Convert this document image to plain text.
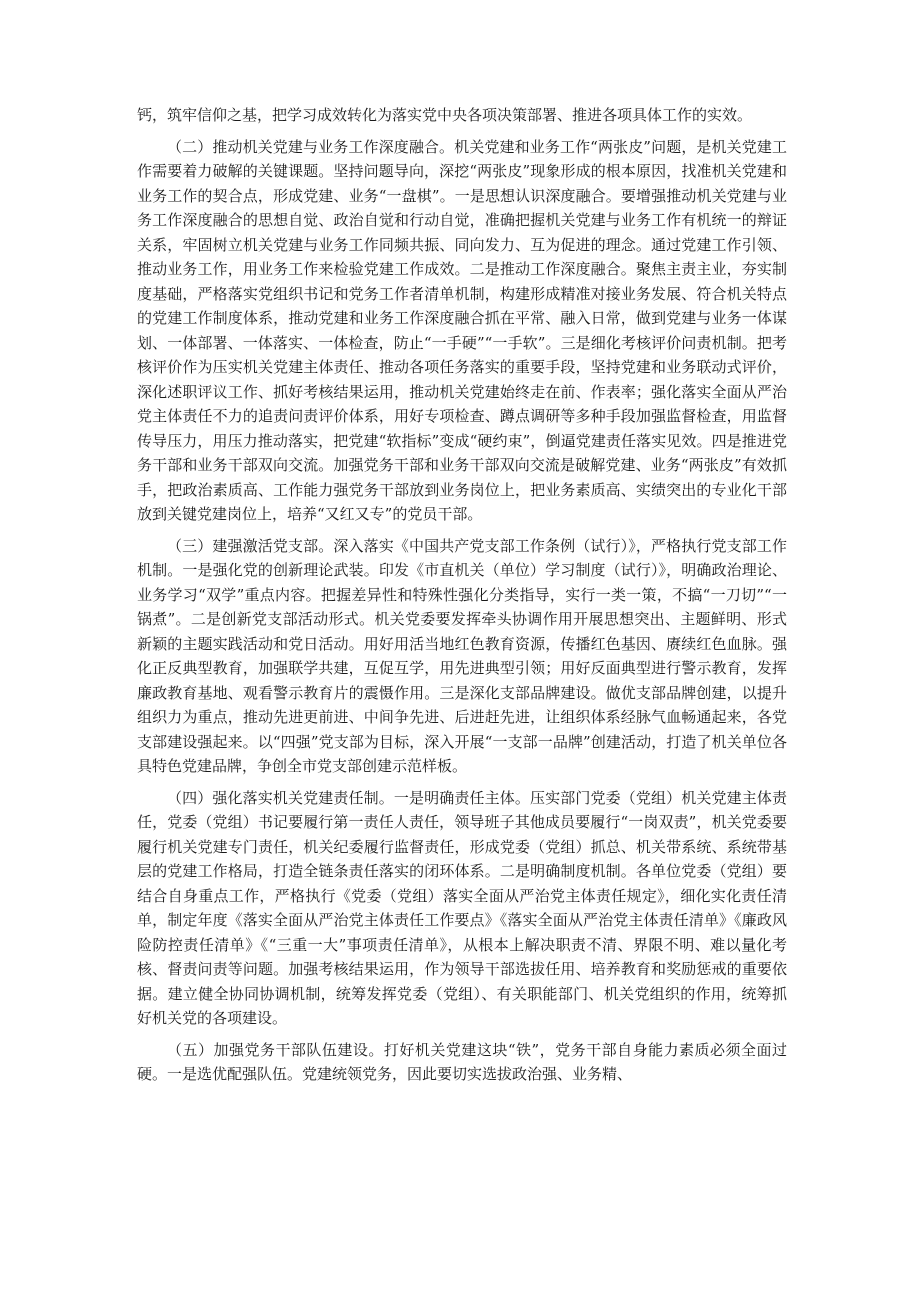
钙，筑牢信仰之基，把学习成效转化为落实党中央各项决策部署、推进各项具体工作的实效。

（二）推动机关党建与业务工作深度融合。机关党建和业务工作“两张皮”问题，是机关党建工作需要着力破解的关键课题。坚持问题导向，深挖“两张皮”现象形成的根本原因，找准机关党建和业务工作的契合点，形成党建、业务“一盘棋”。一是思想认识深度融合。要增强推动机关党建与业务工作深度融合的思想自觉、政治自觉和行动自觉，准确把握机关党建与业务工作有机统一的辩证关系，牢固树立机关党建与业务工作同频共振、同向发力、互为促进的理念。通过党建工作引领、推动业务工作，用业务工作来检验党建工作成效。二是推动工作深度融合。聚焦主责主业，夯实制度基础，严格落实党组织书记和党务工作者清单机制，构建形成精准对接业务发展、符合机关特点的党建工作制度体系，推动党建和业务工作深度融合抓在平常、融入日常，做到党建与业务一体谋划、一体部署、一体落实、一体检查，防止“一手硬”“一手软”。三是细化考核评价问责机制。把考核评价作为压实机关党建主体责任、推动各项任务落实的重要手段，坚持党建和业务联动式评价，深化述职评议工作、抓好考核结果运用，推动机关党建始终走在前、作表率；强化落实全面从严治党主体责任不力的追责问责评价体系，用好专项检查、蹲点调研等多种手段加强监督检查，用监督传导压力，用压力推动落实，把党建“软指标”变成“硬约束”，倒逼党建责任落实见效。四是推进党务干部和业务干部双向交流。加强党务干部和业务干部双向交流是破解党建、业务“两张皮”有效抓手，把政治素质高、工作能力强党务干部放到业务岗位上，把业务素质高、实绩突出的专业化干部放到关键党建岗位上，培养“又红又专”的党员干部。

（三）建强激活党支部。深入落实《中国共产党支部工作条例（试行）》，严格执行党支部工作机制。一是强化党的创新理论武装。印发《市直机关（单位）学习制度（试行）》，明确政治理论、业务学习“双学”重点内容。把握差异性和特殊性强化分类指导，实行一类一策，不搞“一刀切”“一锅煮”。二是创新党支部活动形式。机关党委要发挥牵头协调作用开展思想突出、主题鲜明、形式新颖的主题实践活动和党日活动。用好用活当地红色教育资源，传播红色基因、赓续红色血脉。强化正反典型教育，加强联学共建，互促互学，用先进典型引领；用好反面典型进行警示教育，发挥廉政教育基地、观看警示教育片的震慑作用。三是深化支部品牌建设。做优支部品牌创建，以提升组织力为重点，推动先进更前进、中间争先进、后进赶先进，让组织体系经脉气血畅通起来，各党支部建设强起来。以“四强”党支部为目标，深入开展“一支部一品牌”创建活动，打造了机关单位各具特色党建品牌，争创全市党支部创建示范样板。

（四）强化落实机关党建责任制。一是明确责任主体。压实部门党委（党组）机关党建主体责任，党委（党组）书记要履行第一责任人责任，领导班子其他成员要履行“一岗双责”，机关党委要履行机关党建专门责任，机关纪委履行监督责任，形成党委（党组）抓总、机关带系统、系统带基层的党建工作格局，打造全链条责任落实的闭环体系。二是明确制度机制。各单位党委（党组）要结合自身重点工作，严格执行《党委（党组）落实全面从严治党主体责任规定》，细化实化责任清单，制定年度《落实全面从严治党主体责任工作要点》《落实全面从严治党主体责任清单》《廉政风险防控责任清单》《“三重一大”事项责任清单》，从根本上解决职责不清、界限不明、难以量化考核、督责问责等问题。加强考核结果运用，作为领导干部选拔任用、培养教育和奖励惩戒的重要依据。建立健全协同协调机制，统筹发挥党委（党组）、有关职能部门、机关党组织的作用，统筹抓好机关党的各项建设。

（五）加强党务干部队伍建设。打好机关党建这块“铁”，党务干部自身能力素质必须全面过硬。一是选优配强队伍。党建统领党务，因此要切实选拔政治强、业务精、
